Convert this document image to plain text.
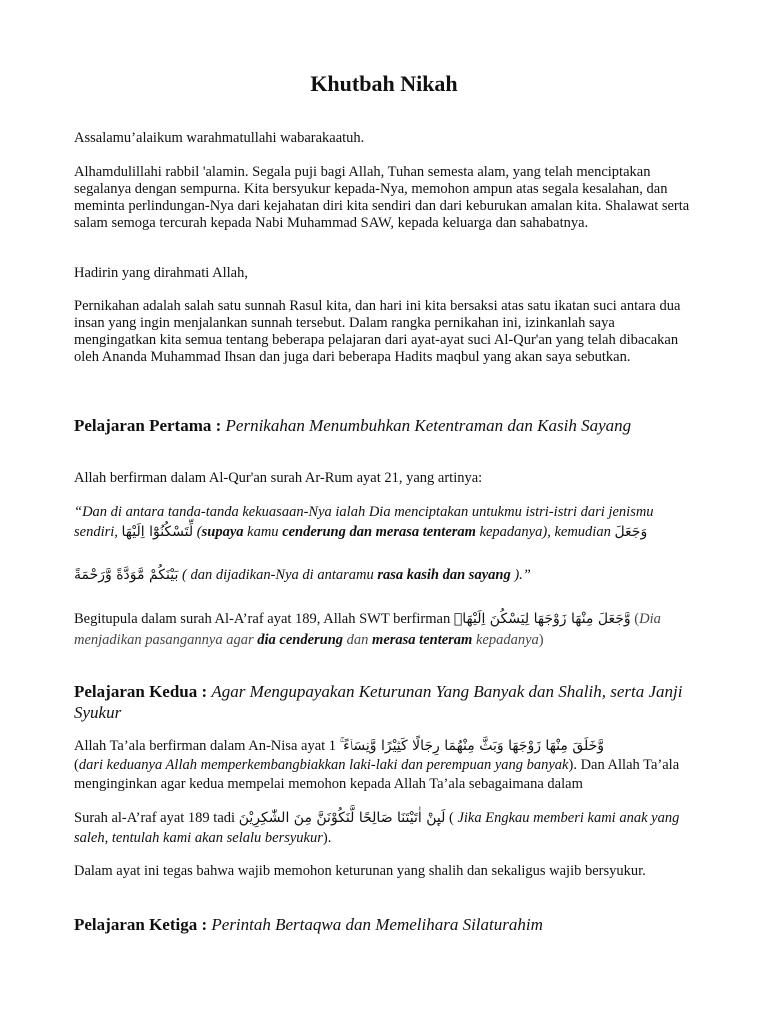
Khutbah Nikah

Assalamu’alaikum warahmatullahi wabarakaatuh.

Alhamdulillahi rabbil 'alamin. Segala puji bagi Allah, Tuhan semesta alam, yang telah menciptakan segalanya dengan sempurna. Kita bersyukur kepada-Nya, memohon ampun atas segala kesalahan, dan meminta perlindungan-Nya dari kejahatan diri kita sendiri dan dari keburukan amalan kita. Shalawat serta salam semoga tercurah kepada Nabi Muhammad SAW, kepada keluarga dan sahabatnya.

Hadirin yang dirahmati Allah,

Pernikahan adalah salah satu sunnah Rasul kita, dan hari ini kita bersaksi atas satu ikatan suci antara dua insan yang ingin menjalankan sunnah tersebut. Dalam rangka pernikahan ini, izinkanlah saya mengingatkan kita semua tentang beberapa pelajaran dari ayat-ayat suci Al-Qur'an yang telah dibacakan oleh Ananda Muhammad Ihsan dan juga dari beberapa Hadits maqbul yang akan saya sebutkan.

Pelajaran Pertama : Pernikahan Menumbuhkan Ketentraman dan Kasih Sayang

Allah berfirman dalam Al-Qur'an surah Ar-Rum ayat 21, yang artinya:

“Dan di antara tanda-tanda kekuasaan-Nya ialah Dia menciptakan untukmu istri-istri dari jenismu sendiri, لِّتَسْكُنُوْٓا اِلَيْهَا (supaya kamu cenderung dan merasa tenteram kepadanya), kemudian وَجَعَلَ

بَيْنَكُمْ مَّوَدَّةً وَّرَحْمَةً ( dan dijadikan-Nya di antaramu rasa kasih dan sayang ).”

Begitupula dalam surah Al-A’raf ayat 189, Allah SWT berfirman وَّجَعَلَ مِنْهَا زَوْجَهَا لِيَسْكُنَ اِلَيْهَاۚ (Dia menjadikan pasangannya agar dia cenderung dan merasa tenteram kepadanya)

Pelajaran Kedua : Agar Mengupayakan Keturunan Yang Banyak dan Shalih, serta Janji Syukur

Allah Ta’ala berfirman dalam An-Nisa ayat 1 وَّخَلَقَ مِنْهَا زَوْجَهَا وَبَثَّ مِنْهُمَا رِجَالًا كَثِيْرًا وَّنِسَاۤءً ۚ
(dari keduanya Allah memperkembangbiakkan laki-laki dan perempuan yang banyak). Dan Allah Ta’ala menginginkan agar kedua mempelai memohon kepada Allah Ta’ala sebagaimana dalam

Surah al-A’raf ayat 189 tadi لَىِٕنْ اٰتَيْتَنَا صَالِحًا لَّنَكُوْنَنَّ مِنَ الشّٰكِرِيْنَ ( Jika Engkau memberi kami anak yang saleh, tentulah kami akan selalu bersyukur).

Dalam ayat ini tegas bahwa wajib memohon keturunan yang shalih dan sekaligus wajib bersyukur.

Pelajaran Ketiga : Perintah Bertaqwa dan Memelihara Silaturahim
